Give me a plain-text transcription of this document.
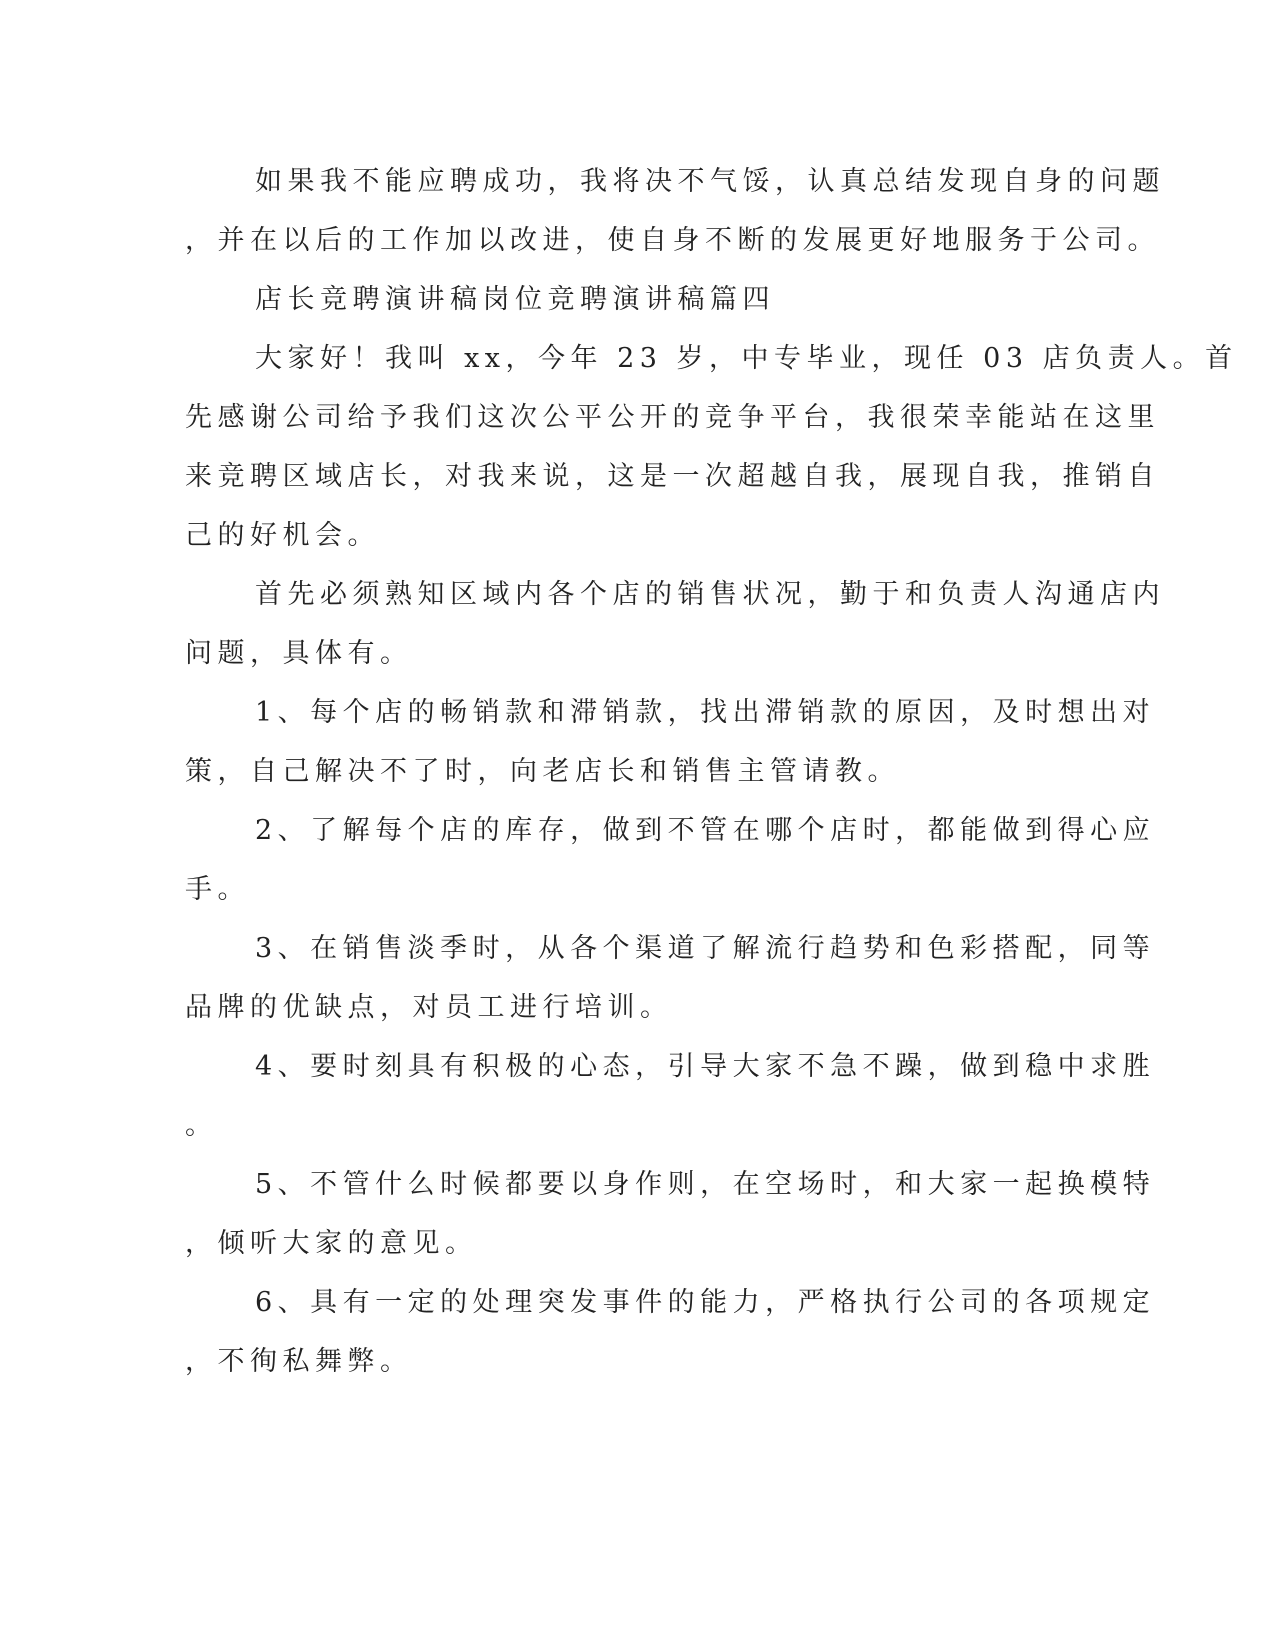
如果我不能应聘成功，我将决不气馁，认真总结发现自身的问题
，并在以后的工作加以改进，使自身不断的发展更好地服务于公司。
店长竞聘演讲稿岗位竞聘演讲稿篇四
大家好！我叫 xx，今年 23 岁，中专毕业，现任 03 店负责人。首
先感谢公司给予我们这次公平公开的竞争平台，我很荣幸能站在这里
来竞聘区域店长，对我来说，这是一次超越自我，展现自我，推销自
己的好机会。
首先必须熟知区域内各个店的销售状况，勤于和负责人沟通店内
问题，具体有。
1、每个店的畅销款和滞销款，找出滞销款的原因，及时想出对
策，自己解决不了时，向老店长和销售主管请教。
2、了解每个店的库存，做到不管在哪个店时，都能做到得心应
手。
3、在销售淡季时，从各个渠道了解流行趋势和色彩搭配，同等
品牌的优缺点，对员工进行培训。
4、要时刻具有积极的心态，引导大家不急不躁，做到稳中求胜
。
5、不管什么时候都要以身作则，在空场时，和大家一起换模特
，倾听大家的意见。
6、具有一定的处理突发事件的能力，严格执行公司的各项规定
，不徇私舞弊。
